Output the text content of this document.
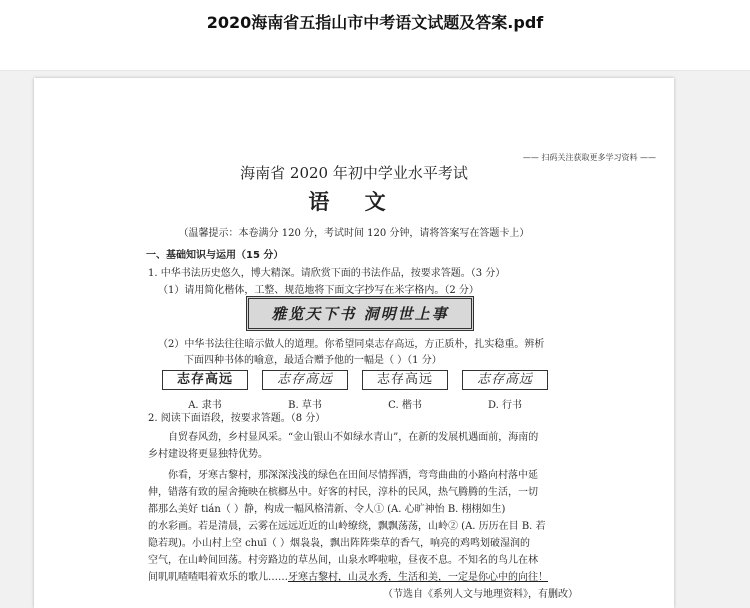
2020海南省五指山市中考语文试题及答案.pdf
—— 扫码关注获取更多学习资料 ——
海南省 2020 年初中学业水平考试
语 文
（温馨提示：本卷满分 120 分，考试时间 120 分钟，请将答案写在答题卡上）
一、基础知识与运用（15 分）
1. 中华书法历史悠久，博大精深。请欣赏下面的书法作品，按要求答题。（3 分）
（1）请用简化楷体，工整、规范地将下面文字抄写在米字格内。（2 分）
雅览天下书 洞明世上事
（2）中华书法往往暗示做人的道理。你希望同桌志存高远，方正质朴，扎实稳重。辨析
下面四种书体的喻意，最适合赠予他的一幅是（ ）（1 分）
志存高远
A. 隶书
志存高远
B. 草书
志存高远
C. 楷书
志存高远
D. 行书
2. 阅读下面语段，按要求答题。（8 分）
自贸春风劲，乡村显风采。“金山银山不如绿水青山”，在新的发展机遇面前，海南的
乡村建设将更显独特优势。
你看，牙寒古黎村，那深深浅浅的绿色在田间尽情挥洒，弯弯曲曲的小路向村落中延
伸，错落有致的屋舍掩映在槟榔丛中。好客的村民，淳朴的民风，热气腾腾的生活，一切
都那么美好 tián（ ）静，构成一幅风格清新、令人① (A. 心旷神怡 B. 栩栩如生)
的水彩画。若是清晨，云雾在远远近近的山岭缭绕，飘飘荡荡，山岭② (A. 历历在目 B. 若
隐若现)。小山村上空 chuī（ ）烟袅袅，飘出阵阵柴草的香气，响亮的鸡鸣划破湿润的
空气，在山岭间回荡。村旁路边的草丛间，山泉水哗啦啦，昼夜不息。不知名的鸟儿在林
间叽叽喳喳唱着欢乐的歌儿……牙寒古黎村，山灵水秀，生活和美，一定是你心中的向往！
（节选自《系列人文与地理资料》，有删改）
